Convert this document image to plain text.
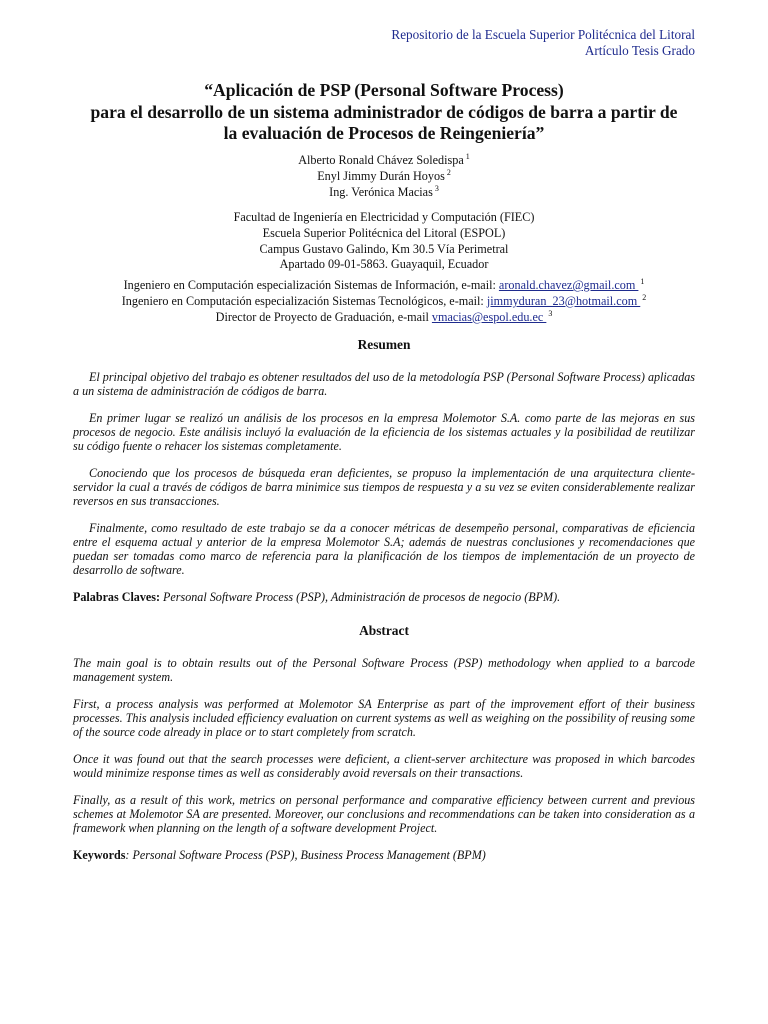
Repositorio de la Escuela Superior Politécnica del Litoral
Artículo Tesis Grado
“Aplicación de PSP (Personal Software Process)
para el desarrollo de un sistema administrador de códigos de barra a partir de
la evaluación de Procesos de Reingeniería”
Alberto Ronald Chávez Soledispa $^1$
Enyl Jimmy Durán Hoyos $^2$
Ing. Verónica Macias $^3$
Facultad de Ingeniería en Electricidad y Computación (FIEC)
Escuela Superior Politécnica del Litoral (ESPOL)
Campus Gustavo Galindo, Km 30.5 Vía Perimetral
Apartado 09-01-5863. Guayaquil, Ecuador
Ingeniero en Computación especialización Sistemas de Información, e-mail: aronald.chavez@gmail.com $^1$
Ingeniero en Computación especialización Sistemas Tecnológicos, e-mail: jimmyduran_23@hotmail.com $^2$
Director de Proyecto de Graduación, e-mail vmacias@espol.edu.ec $^3$
Resumen

El principal objetivo del trabajo es obtener resultados del uso de la metodología PSP (Personal Software Process) aplicadas a un sistema de administración de códigos de barra.

En primer lugar se realizó un análisis de los procesos en la empresa Molemotor S.A. como parte de las mejoras en sus procesos de negocio. Este análisis incluyó la evaluación de la eficiencia de los sistemas actuales y la posibilidad de reutilizar su código fuente o rehacer los sistemas completamente.

Conociendo que los procesos de búsqueda eran deficientes, se propuso la implementación de una arquitectura cliente-servidor la cual a través de códigos de barra minimice sus tiempos de respuesta y a su vez se eviten considerablemente realizar reversos en sus transacciones.

Finalmente, como resultado de este trabajo se da a conocer métricas de desempeño personal, comparativas de eficiencia entre el esquema actual y anterior de la empresa Molemotor S.A; además de nuestras conclusiones y recomendaciones que puedan ser tomadas como marco de referencia para la planificación de los tiempos de implementación de un proyecto de desarrollo de software.

Palabras Claves: Personal Software Process (PSP), Administración de procesos de negocio (BPM).

Abstract

The main goal is to obtain results out of the Personal Software Process (PSP) methodology when applied to a barcode management system.

First, a process analysis was performed at Molemotor SA Enterprise as part of the improvement effort of their business processes. This analysis included efficiency evaluation on current systems as well as weighing on the possibility of reusing some of the source code already in place or to start completely from scratch.

Once it was found out that the search processes were deficient, a client-server architecture was proposed in which barcodes would minimize response times as well as considerably avoid reversals on their transactions.

Finally, as a result of this work, metrics on personal performance and comparative efficiency between current and previous schemes at Molemotor SA are presented. Moreover, our conclusions and recommendations can be taken into consideration as a framework when planning on the length of a software development Project.

Keywords: Personal Software Process (PSP), Business Process Management (BPM)
